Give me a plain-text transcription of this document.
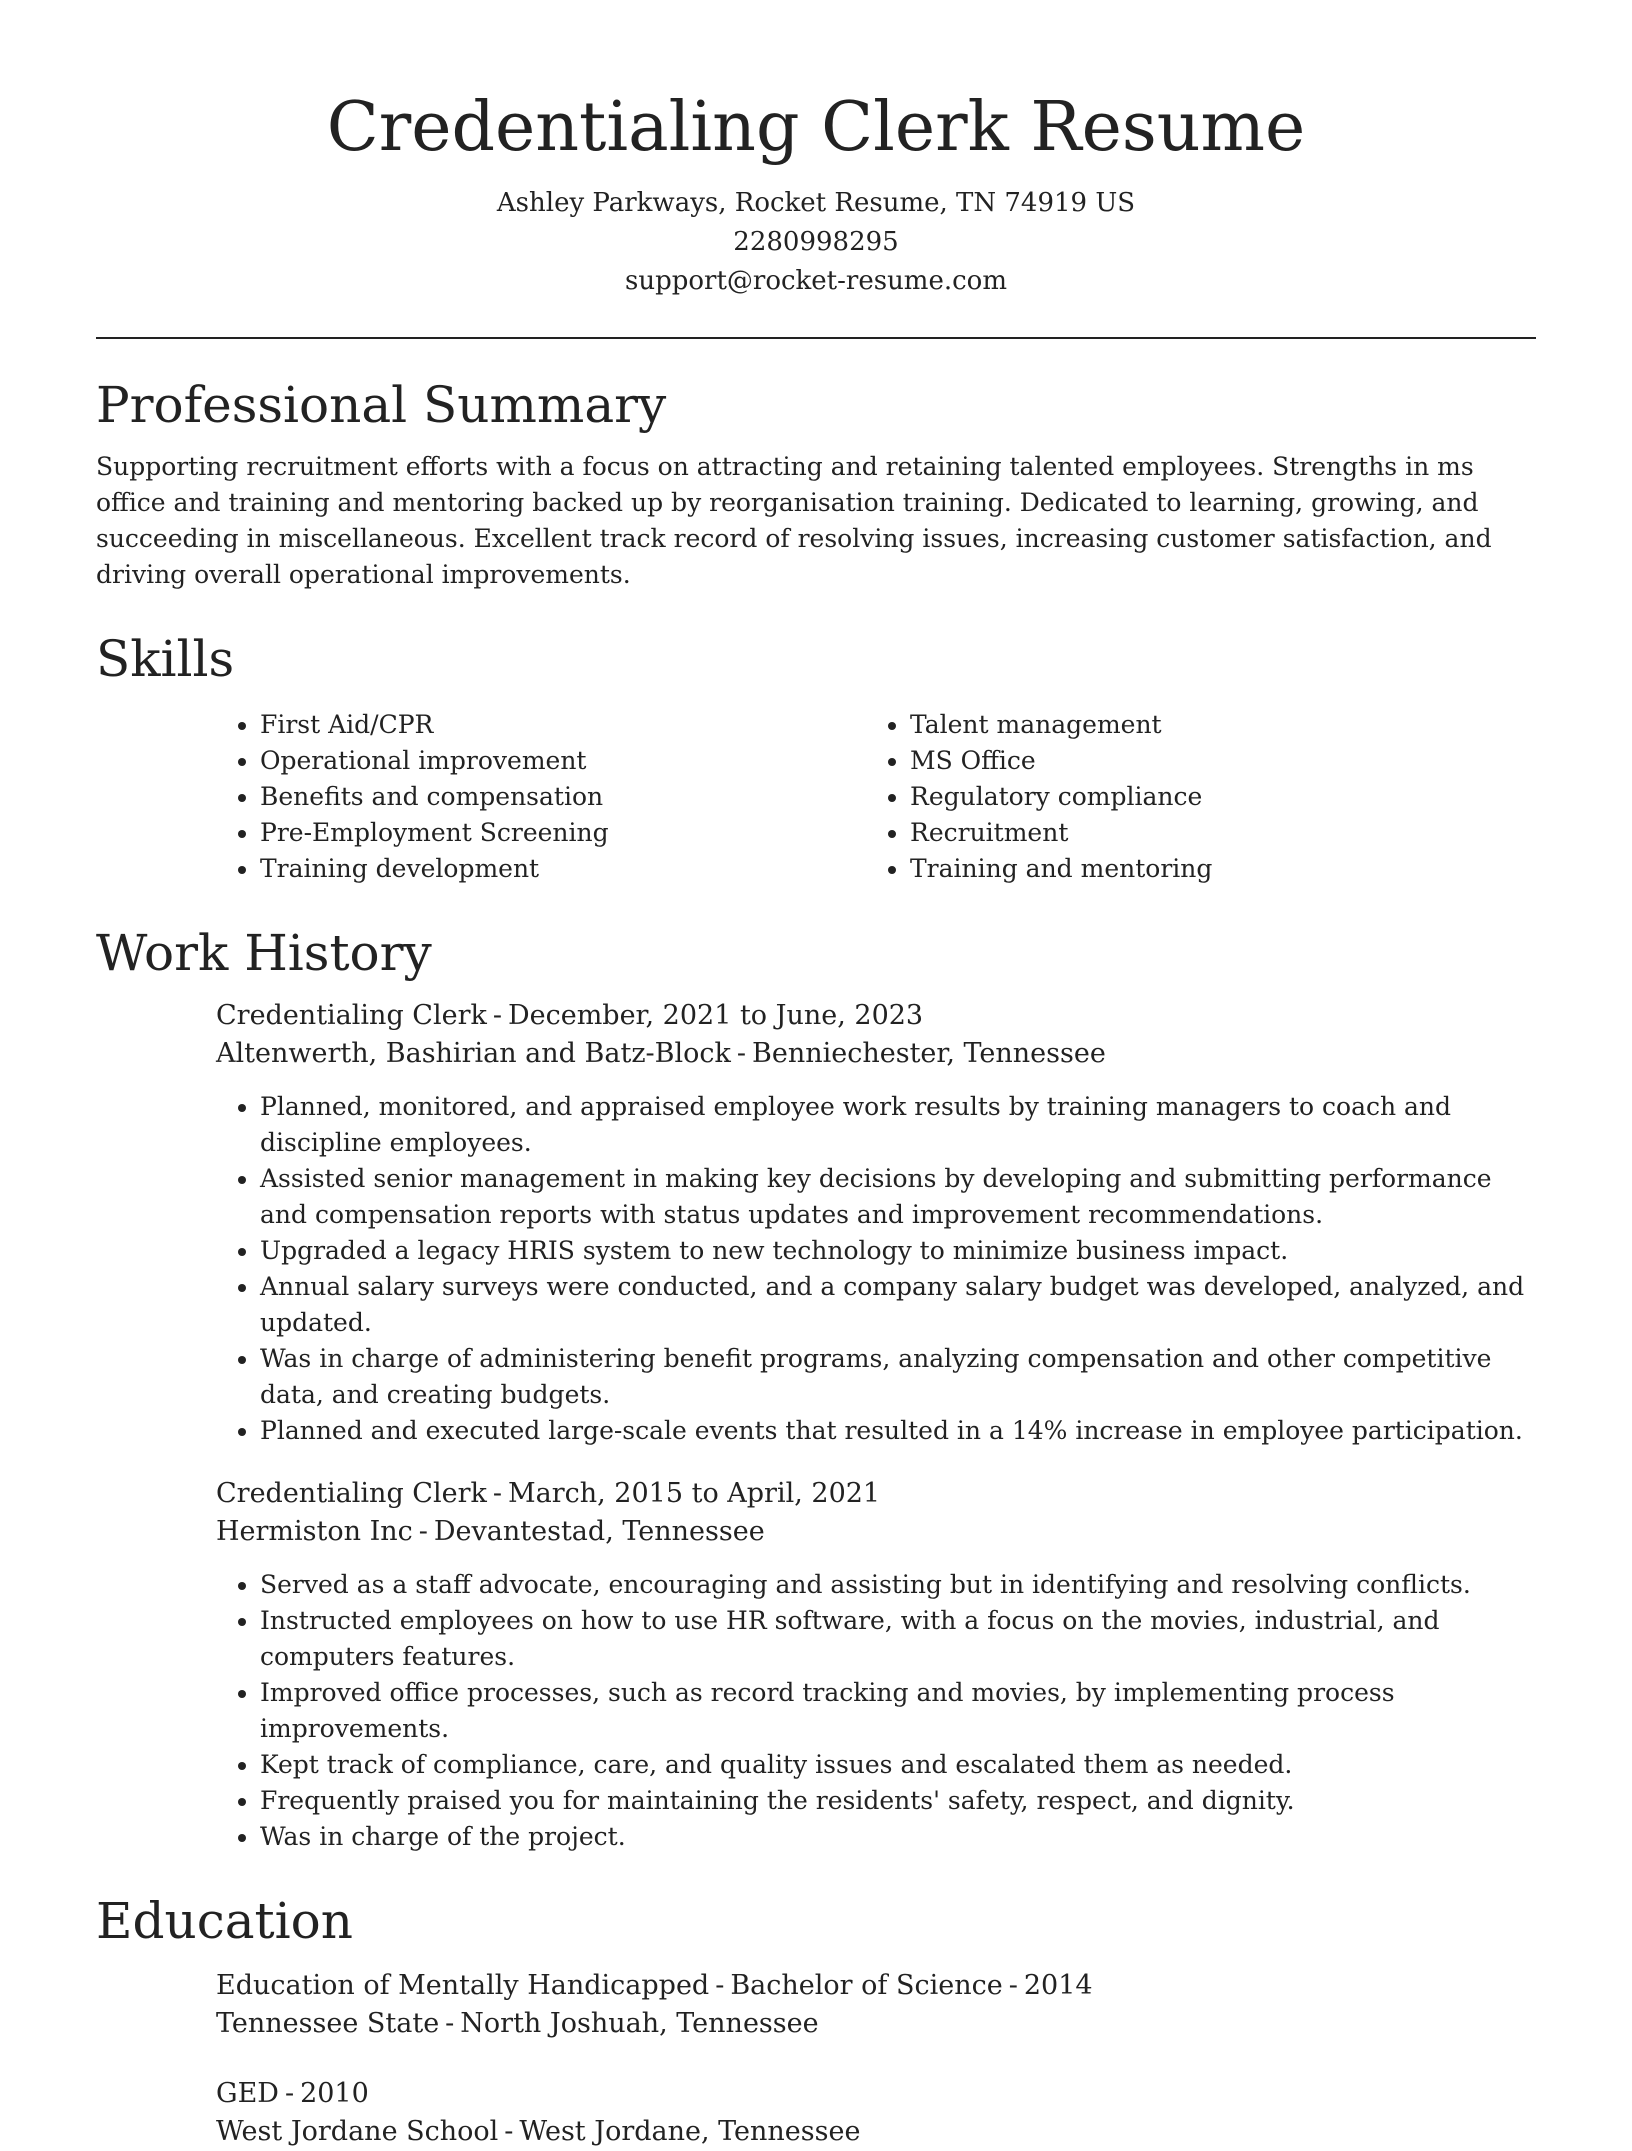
Credentialing Clerk Resume

Ashley Parkways, Rocket Resume, TN 74919 US

2280998295

support@rocket-resume.com

Professional Summary

Supporting recruitment efforts with a focus on attracting and retaining talented employees. Strengths in ms office and training and mentoring backed up by reorganisation training. Dedicated to learning, growing, and succeeding in miscellaneous. Excellent track record of resolving issues, increasing customer satisfaction, and driving overall operational improvements.

Skills
• First Aid/CPR
• Operational improvement
• Benefits and compensation
• Pre-Employment Screening
• Training development
• Talent management
• MS Office
• Regulatory compliance
• Recruitment
• Training and mentoring
Work History

Credentialing Clerk - December, 2021 to June, 2023

Altenwerth, Bashirian and Batz-Block - Benniechester, Tennessee

• Planned, monitored, and appraised employee work results by training managers to coach and discipline employees.
• Assisted senior management in making key decisions by developing and submitting performance and compensation reports with status updates and improvement recommendations.
• Upgraded a legacy HRIS system to new technology to minimize business impact.
• Annual salary surveys were conducted, and a company salary budget was developed, analyzed, and updated.
• Was in charge of administering benefit programs, analyzing compensation and other competitive data, and creating budgets.
• Planned and executed large-scale events that resulted in a 14% increase in employee participation.

Credentialing Clerk - March, 2015 to April, 2021

Hermiston Inc - Devantestad, Tennessee

• Served as a staff advocate, encouraging and assisting but in identifying and resolving conflicts.
• Instructed employees on how to use HR software, with a focus on the movies, industrial, and computers features.
• Improved office processes, such as record tracking and movies, by implementing process improvements.
• Kept track of compliance, care, and quality issues and escalated them as needed.
• Frequently praised you for maintaining the residents' safety, respect, and dignity.
• Was in charge of the project.
Education

Education of Mentally Handicapped - Bachelor of Science - 2014

Tennessee State - North Joshuah, Tennessee

GED - 2010

West Jordane School - West Jordane, Tennessee
